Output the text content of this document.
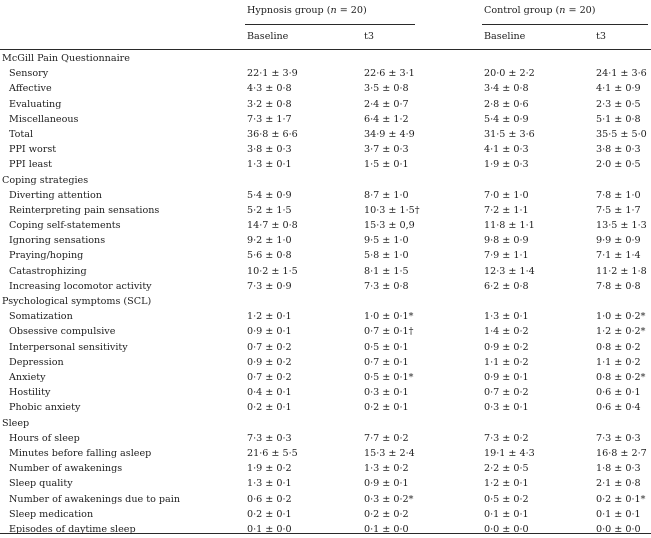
Hypnosis group (n = 20)	Control group (n = 20)
Baseline	t3	Baseline	t3
McGill Pain Questionnaire
Sensory	22·1 ± 3·9	22·6 ± 3·1	20·0 ± 2·2	24·1 ± 3·6
Affective	4·3 ± 0·8	3·5 ± 0·8	3·4 ± 0·8	4·1 ± 0·9
Evaluating	3·2 ± 0·8	2·4 ± 0·7	2·8 ± 0·6	2·3 ± 0·5
Miscellaneous	7·3 ± 1·7	6·4 ± 1·2	5·4 ± 0·9	5·1 ± 0·8
Total	36·8 ± 6·6	34·9 ± 4·9	31·5 ± 3·6	35·5 ± 5·0
PPI worst	3·8 ± 0·3	3·7 ± 0·3	4·1 ± 0·3	3·8 ± 0·3
PPI least	1·3 ± 0·1	1·5 ± 0·1	1·9 ± 0·3	2·0 ± 0·5
Coping strategies
Diverting attention	5·4 ± 0·9	8·7 ± 1·0	7·0 ± 1·0	7·8 ± 1·0
Reinterpreting pain sensations	5·2 ± 1·5	10·3 ± 1·5†	7·2 ± 1·1	7·5 ± 1·7
Coping self-statements	14·7 ± 0·8	15·3 ± 0,9	11·8 ± 1·1	13·5 ± 1·3
Ignoring sensations	9·2 ± 1·0	9·5 ± 1·0	9·8 ± 0·9	9·9 ± 0·9
Praying/hoping	5·6 ± 0·8	5·8 ± 1·0	7·9 ± 1·1	7·1 ± 1·4
Catastrophizing	10·2 ± 1·5	8·1 ± 1·5	12·3 ± 1·4	11·2 ± 1·8
Increasing locomotor activity	7·3 ± 0·9	7·3 ± 0·8	6·2 ± 0·8	7·8 ± 0·8
Psychological symptoms (SCL)
Somatization	1·2 ± 0·1	1·0 ± 0·1*	1·3 ± 0·1	1·0 ± 0·2*
Obsessive compulsive	0·9 ± 0·1	0·7 ± 0·1†	1·4 ± 0·2	1·2 ± 0·2*
Interpersonal sensitivity	0·7 ± 0·2	0·5 ± 0·1	0·9 ± 0·2	0·8 ± 0·2
Depression	0·9 ± 0·2	0·7 ± 0·1	1·1 ± 0·2	1·1 ± 0·2
Anxiety	0·7 ± 0·2	0·5 ± 0·1*	0·9 ± 0·1	0·8 ± 0·2*
Hostility	0·4 ± 0·1	0·3 ± 0·1	0·7 ± 0·2	0·6 ± 0·1
Phobic anxiety	0·2 ± 0·1	0·2 ± 0·1	0·3 ± 0·1	0·6 ± 0·4
Sleep
Hours of sleep	7·3 ± 0·3	7·7 ± 0·2	7·3 ± 0·2	7·3 ± 0·3
Minutes before falling asleep	21·6 ± 5·5	15·3 ± 2·4	19·1 ± 4·3	16·8 ± 2·7
Number of awakenings	1·9 ± 0·2	1·3 ± 0·2	2·2 ± 0·5	1·8 ± 0·3
Sleep quality	1·3 ± 0·1	0·9 ± 0·1	1·2 ± 0·1	2·1 ± 0·8
Number of awakenings due to pain	0·6 ± 0·2	0·3 ± 0·2*	0·5 ± 0·2	0·2 ± 0·1*
Sleep medication	0·2 ± 0·1	0·2 ± 0·2	0·1 ± 0·1	0·1 ± 0·1
Episodes of daytime sleep	0·1 ± 0·0	0·1 ± 0·0	0·0 ± 0·0	0·0 ± 0·0
